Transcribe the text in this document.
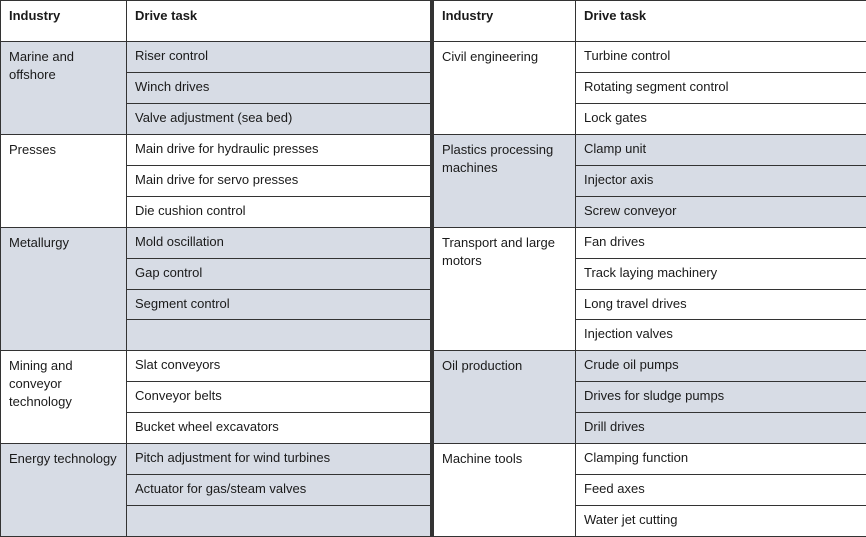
Industry	Drive task
Marine and offshore	Riser control
	Winch drives
	Valve adjustment (sea bed)
Presses	Main drive for hydraulic presses
	Main drive for servo presses
	Die cushion control
Metallurgy	Mold oscillation
	Gap control
	Segment control

Mining and conveyor technology	Slat conveyors
	Conveyor belts
	Bucket wheel excavators
Energy technology	Pitch adjustment for wind turbines
	Actuator for gas/steam valves

Industry	Drive task
Civil engineering	Turbine control
	Rotating segment control
	Lock gates
Plastics processing machines	Clamp unit
	Injector axis
	Screw conveyor
Transport and large motors	Fan drives
	Track laying machinery
	Long travel drives
	Injection valves
Oil production	Crude oil pumps
	Drives for sludge pumps
	Drill drives
Machine tools	Clamping function
	Feed axes
	Water jet cutting
